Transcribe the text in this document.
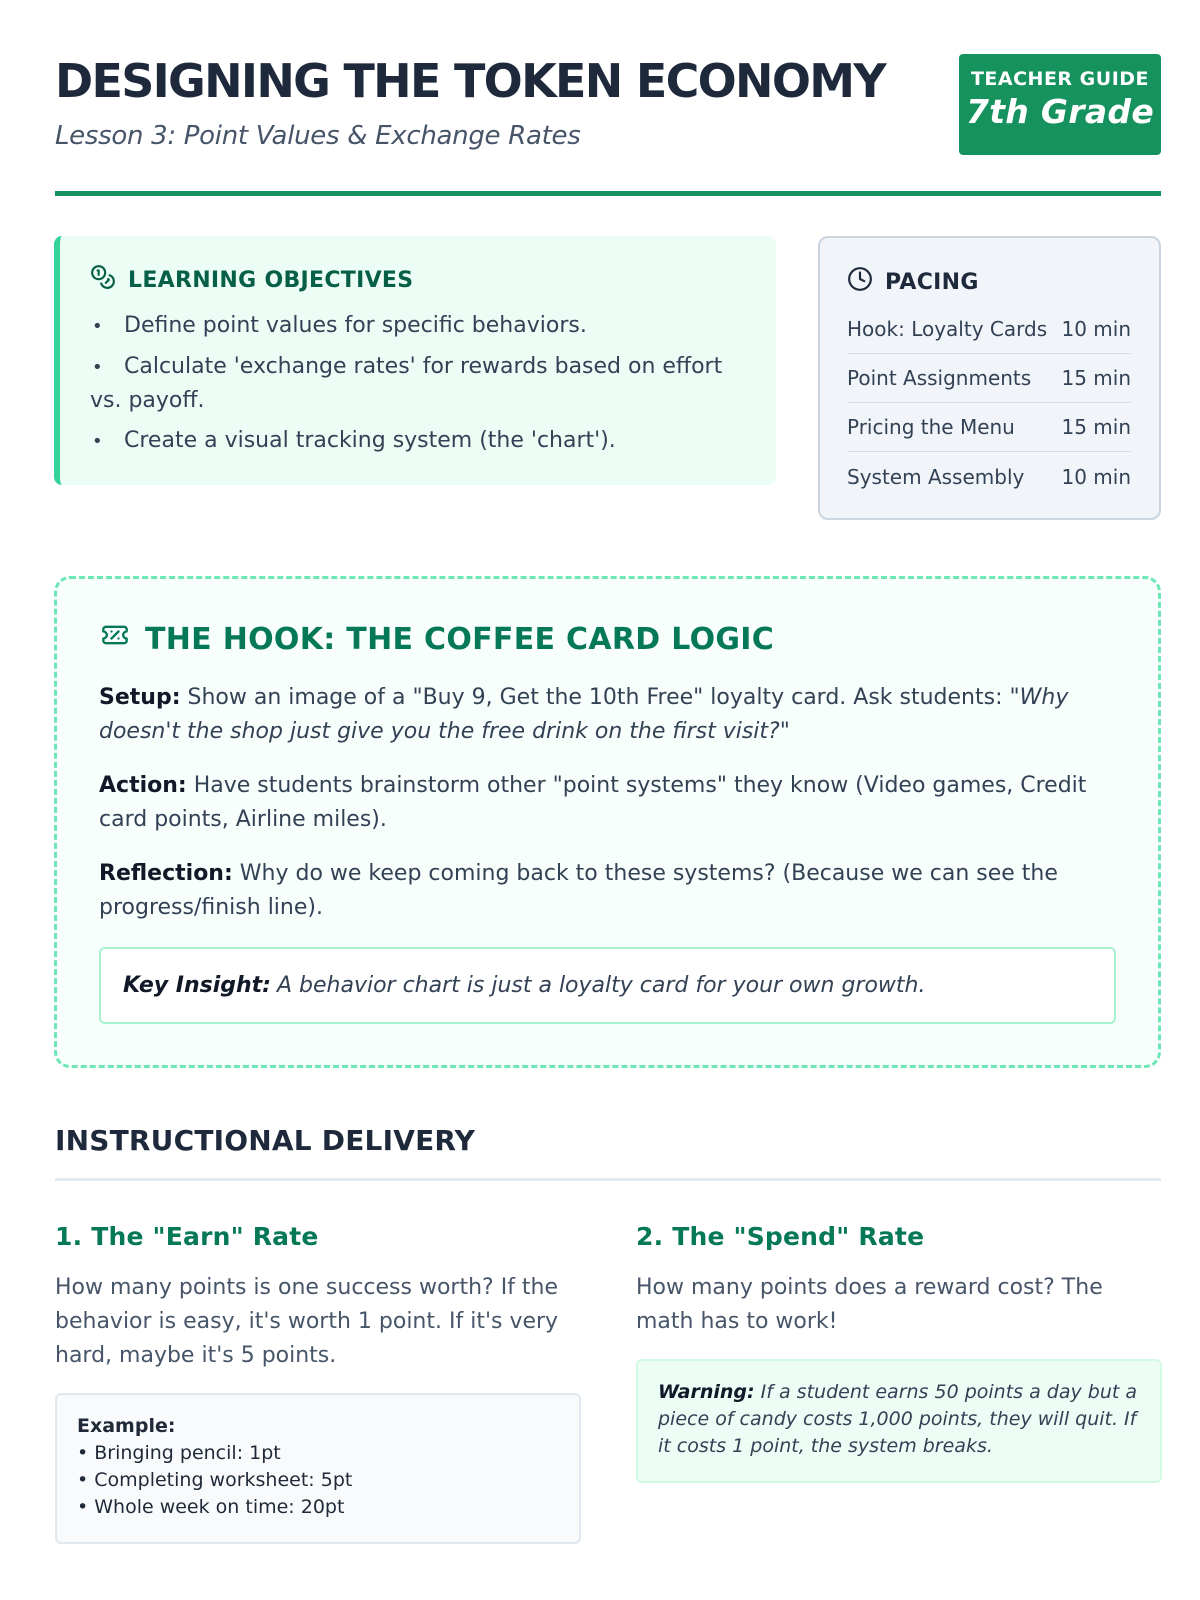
DESIGNING THE TOKEN ECONOMY
Lesson 3: Point Values & Exchange Rates
TEACHER GUIDE
7th Grade
LEARNING OBJECTIVES
• Define point values for specific behaviors.
• Calculate 'exchange rates' for rewards based on effort vs. payoff.
• Create a visual tracking system (the 'chart').
PACING
Hook: Loyalty Cards 10 min
Point Assignments 15 min
Pricing the Menu 15 min
System Assembly 10 min
THE HOOK: THE COFFEE CARD LOGIC

Setup: Show an image of a "Buy 9, Get the 10th Free" loyalty card. Ask students: "Why doesn't the shop just give you the free drink on the first visit?"

Action: Have students brainstorm other "point systems" they know (Video games, Credit card points, Airline miles).

Reflection: Why do we keep coming back to these systems? (Because we can see the progress/finish line).

Key Insight: A behavior chart is just a loyalty card for your own growth.
INSTRUCTIONAL DELIVERY
1. The "Earn" Rate
How many points is one success worth? If the behavior is easy, it's worth 1 point. If it's very hard, maybe it's 5 points.
Example:
• Bringing pencil: 1pt
• Completing worksheet: 5pt
• Whole week on time: 20pt
2. The "Spend" Rate
How many points does a reward cost? The math has to work!
Warning: If a student earns 50 points a day but a piece of candy costs 1,000 points, they will quit. If it costs 1 point, the system breaks.
